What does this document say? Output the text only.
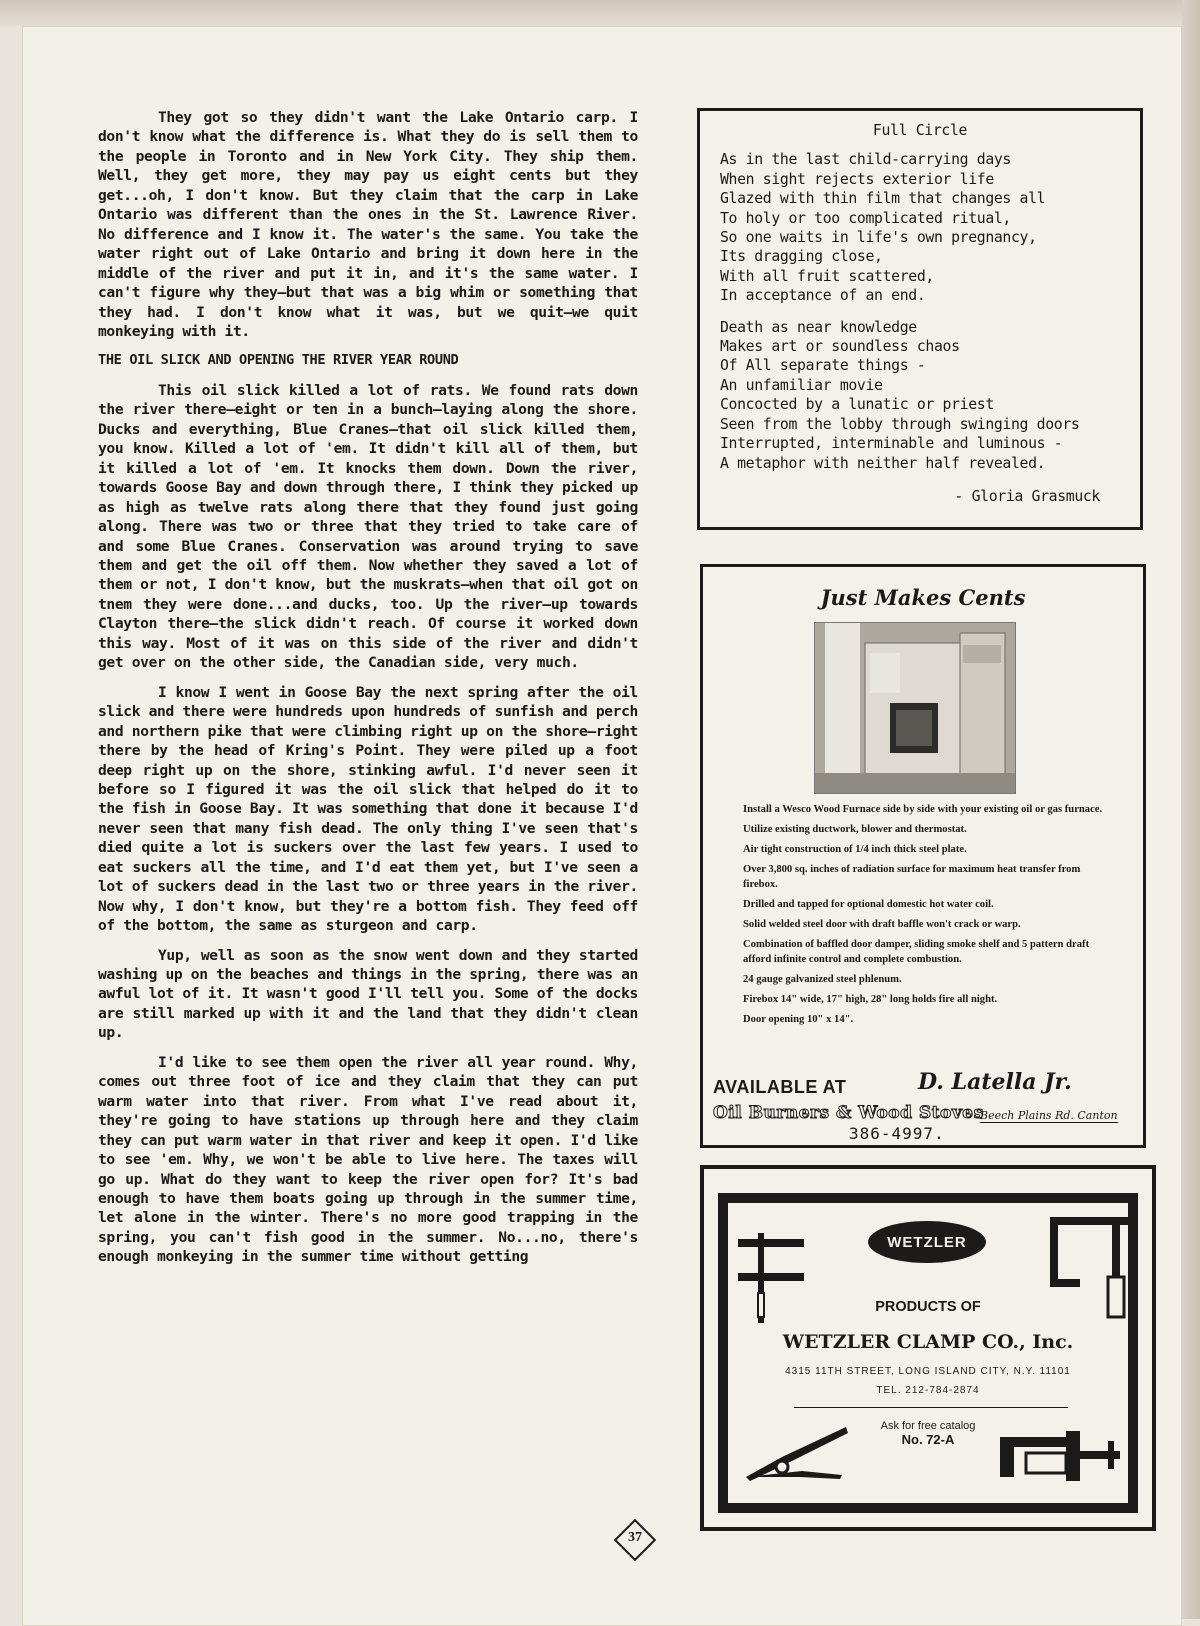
They got so they didn't want the Lake Ontario carp. I don't know what the difference is. What they do is sell them to the people in Toronto and in New York City. They ship them. Well, they get more, they may pay us eight cents but they get...oh, I don't know. But they claim that the carp in Lake Ontario was different than the ones in the St. Lawrence River. No difference and I know it. The water's the same. You take the water right out of Lake Ontario and bring it down here in the middle of the river and put it in, and it's the same water. I can't figure why they—but that was a big whim or something that they had. I don't know what it was, but we quit—we quit monkeying with it.

THE OIL SLICK AND OPENING THE RIVER YEAR ROUND

This oil slick killed a lot of rats. We found rats down the river there—eight or ten in a bunch—laying along the shore. Ducks and everything, Blue Cranes—that oil slick killed them, you know. Killed a lot of 'em. It didn't kill all of them, but it killed a lot of 'em. It knocks them down. Down the river, towards Goose Bay and down through there, I think they picked up as high as twelve rats along there that they found just going along. There was two or three that they tried to take care of and some Blue Cranes. Conservation was around trying to save them and get the oil off them. Now whether they saved a lot of them or not, I don't know, but the muskrats—when that oil got on tnem they were done...and ducks, too. Up the river—up towards Clayton there—the slick didn't reach. Of course it worked down this way. Most of it was on this side of the river and didn't get over on the other side, the Canadian side, very much.

I know I went in Goose Bay the next spring after the oil slick and there were hundreds upon hundreds of sunfish and perch and northern pike that were climbing right up on the shore—right there by the head of Kring's Point. They were piled up a foot deep right up on the shore, stinking awful. I'd never seen it before so I figured it was the oil slick that helped do it to the fish in Goose Bay. It was something that done it because I'd never seen that many fish dead. The only thing I've seen that's died quite a lot is suckers over the last few years. I used to eat suckers all the time, and I'd eat them yet, but I've seen a lot of suckers dead in the last two or three years in the river. Now why, I don't know, but they're a bottom fish. They feed off of the bottom, the same as sturgeon and carp.

Yup, well as soon as the snow went down and they started washing up on the beaches and things in the spring, there was an awful lot of it. It wasn't good I'll tell you. Some of the docks are still marked up with it and the land that they didn't clean up.

I'd like to see them open the river all year round. Why, comes out three foot of ice and they claim that they can put warm water into that river. From what I've read about it, they're going to have stations up through here and they claim they can put warm water in that river and keep it open. I'd like to see 'em. Why, we won't be able to live here. The taxes will go up. What do they want to keep the river open for? It's bad enough to have them boats going up through in the summer time, let alone in the winter. There's no more good trapping in the spring, you can't fish good in the summer. No...no, there's enough monkeying in the summer time without getting

Full Circle
As in the last child-carrying days
When sight rejects exterior life
Glazed with thin film that changes all
To holy or too complicated ritual,
So one waits in life's own pregnancy,
Its dragging close,
With all fruit scattered,
In acceptance of an end.
Death as near knowledge
Makes art or soundless chaos
Of All separate things -
An unfamiliar movie
Concocted by a lunatic or priest
Seen from the lobby through swinging doors
Interrupted, interminable and luminous -
A metaphor with neither half revealed.
- Gloria Grasmuck
Just Makes Cents
Install a Wesco Wood Furnace side by side with your existing oil or gas furnace.
Utilize existing ductwork, blower and thermostat.
Air tight construction of 1/4 inch thick steel plate.
Over 3,800 sq. inches of radiation surface for maximum heat transfer from firebox.
Drilled and tapped for optional domestic hot water coil.
Solid welded steel door with draft baffle won't crack or warp.
Combination of baffled door damper, sliding smoke shelf and 5 pattern draft afford infinite control and complete combustion.
24 gauge galvanized steel phlenum.
Firebox 14" wide, 17" high, 28" long holds fire all night.
Door opening 10" x 14".
AVAILABLE AT	D. Latella Jr.
Oil Burners & Wood Stoves
Beech Plains Rd. Canton
386-4997.
WETZLER
PRODUCTS OF
WETZLER CLAMP CO., Inc.
4315 11TH STREET, LONG ISLAND CITY, N.Y. 11101
TEL. 212-784-2874
Ask for free catalog
No. 72-A
37
